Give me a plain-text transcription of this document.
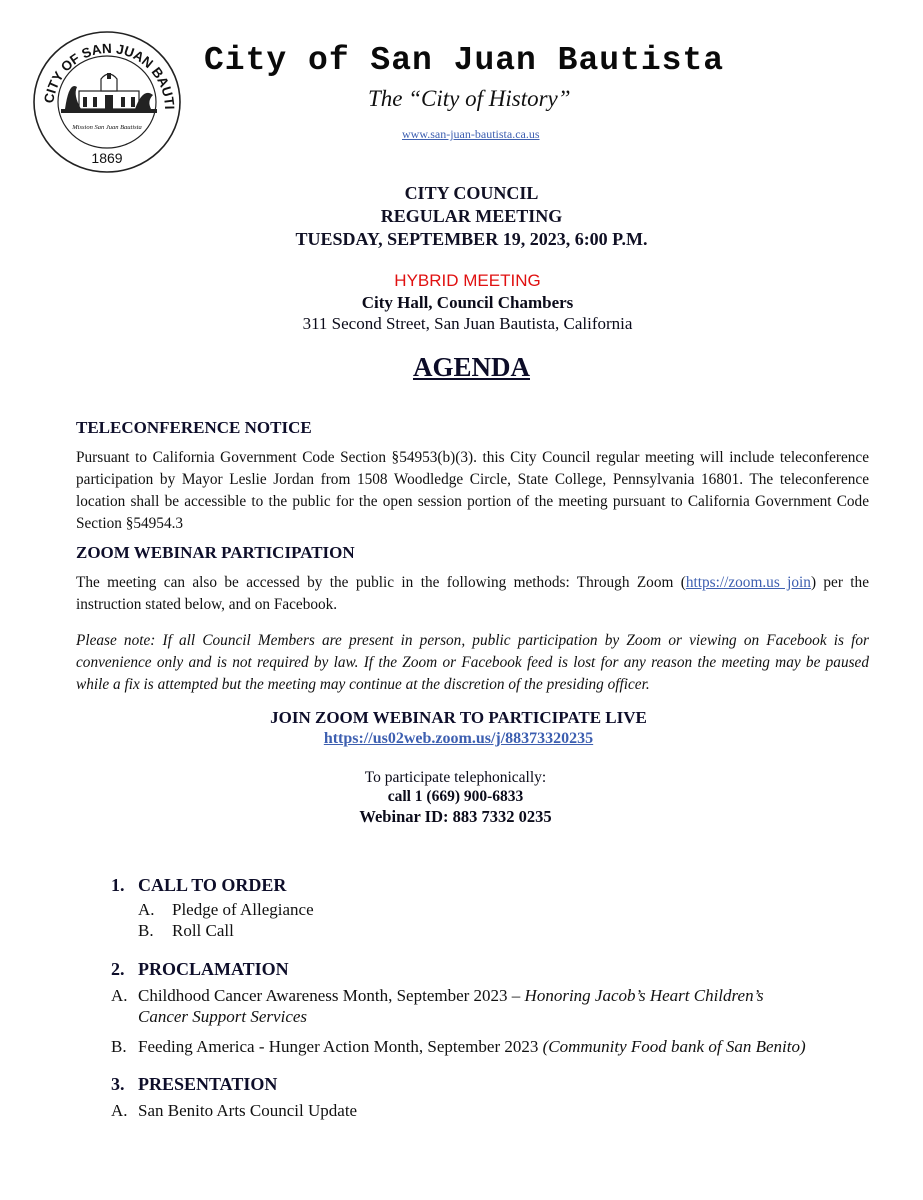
CITY OF SAN JUAN BAUTI
Mission San Juan Bautista
1869
City of San Juan Bautista
The “City of History”
www.san-juan-bautista.ca.us
CITY COUNCIL
REGULAR MEETING
TUESDAY, SEPTEMBER 19, 2023, 6:00 P.M.
HYBRID MEETING
City Hall, Council Chambers
311 Second Street, San Juan Bautista, California
AGENDA
TELECONFERENCE NOTICE
Pursuant to California Government Code Section §54953(b)(3). this City Council regular meeting will include teleconference participation by Mayor Leslie Jordan from 1508 Woodledge Circle, State College, Pennsylvania 16801. The teleconference location shall be accessible to the public for the open session portion of the meeting pursuant to California Government Code Section §54954.3
ZOOM WEBINAR PARTICIPATION
The meeting can also be accessed by the public in the following methods: Through Zoom (https://zoom.us join) per the instruction stated below, and on Facebook.
Please note: If all Council Members are present in person, public participation by Zoom or viewing on Facebook is for convenience only and is not required by law. If the Zoom or Facebook feed is lost for any reason the meeting may be paused while a fix is attempted but the meeting may continue at the discretion of the presiding officer.
JOIN ZOOM WEBINAR TO PARTICIPATE LIVE
https://us02web.zoom.us/j/88373320235
To participate telephonically:
call 1 (669) 900-6833
Webinar ID: 883 7332 0235
1. CALL TO ORDER
A. Pledge of Allegiance
B. Roll Call
2. PROCLAMATION
A. Childhood Cancer Awareness Month, September 2023 – Honoring Jacob’s Heart Children’s
Cancer Support Services
B. Feeding America - Hunger Action Month, September 2023 (Community Food bank of San Benito)
3. PRESENTATION
A. San Benito Arts Council Update
